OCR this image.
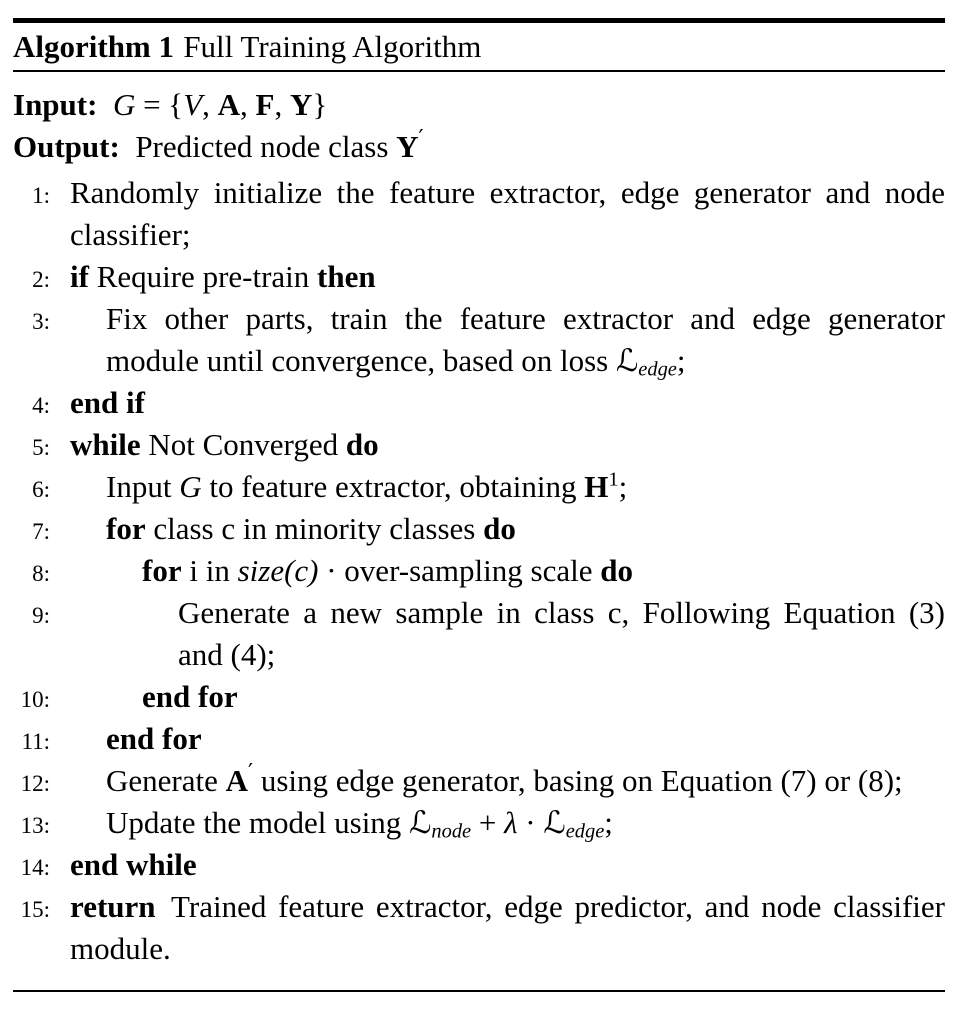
Algorithm 1 Full Training Algorithm
Input: G = {V, A, F, Y}
Output: Predicted node class Y′
1: Randomly initialize the feature extractor, edge generator and node classifier;
2: if Require pre-train then
3:	Fix other parts, train the feature extractor and edge generator module until convergence, based on loss ℒ$_{edge}$;
4: end if
5: while Not Converged do
6:	Input G to feature extractor, obtaining $H^1$;
7:	for class c in minority classes do
8:	for i in size(c) · over-sampling scale do
9:	Generate a new sample in class c, Following Equation (3) and (4);
10:	end for
11:	end for
12:	Generate A′ using edge generator, basing on Equation (7) or (8);
13:	Update the model using ℒ$_{node}$ + λ · ℒ$_{edge}$;
14: end while
15: return Trained feature extractor, edge predictor, and node classifier module.
